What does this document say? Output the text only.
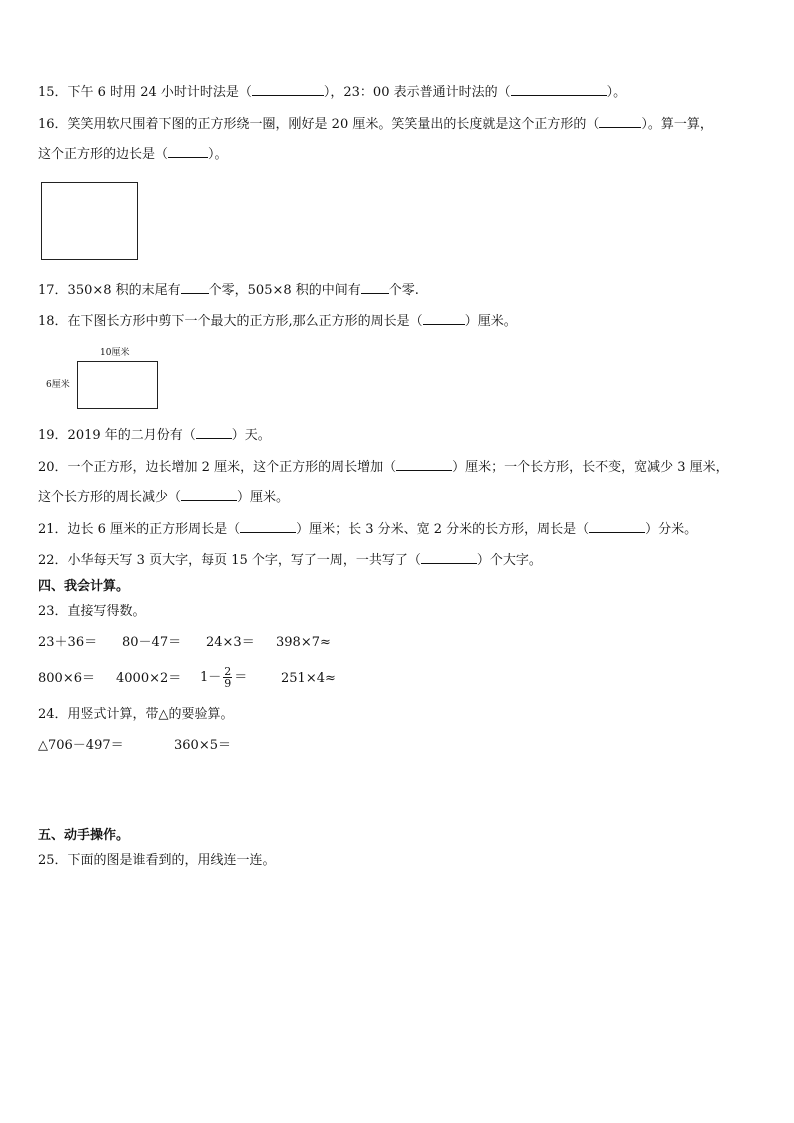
15．下午 6 时用 24 小时计时法是（	），23：00 表示普通计时法的（	）。
16．笑笑用软尺围着下图的正方形绕一圈，刚好是 20 厘米。笑笑量出的长度就是这个正方形的（	）。算一算，
这个正方形的边长是（	）。
17．350×8 积的末尾有 个零，505×8 积的中间有 个零.
18．在下图长方形中剪下一个最大的正方形,那么正方形的周长是（	）厘米。
10厘米
6厘米
19．2019 年的二月份有（	）天。
20．一个正方形，边长增加 2 厘米，这个正方形的周长增加（	）厘米；一个长方形，长不变，宽减少 3 厘米，
这个长方形的周长减少（	）厘米。
21．边长 6 厘米的正方形周长是（	）厘米；长 3 分米、宽 2 分米的长方形，周长是（	）分米。
22．小华每天写 3 页大字，每页 15 个字，写了一周，一共写了（	）个大字。
四、我会计算。
23．直接写得数。
23＋36＝ 80－47＝ 24×3＝ 398×7≈
$800\times 6= 4000\times 2= 1- \frac{2}{9}$ ＝	251×4≈
24．用竖式计算，带△的要验算。
△706－497＝	360×5＝
五、动手操作。
25．下面的图是谁看到的，用线连一连。
